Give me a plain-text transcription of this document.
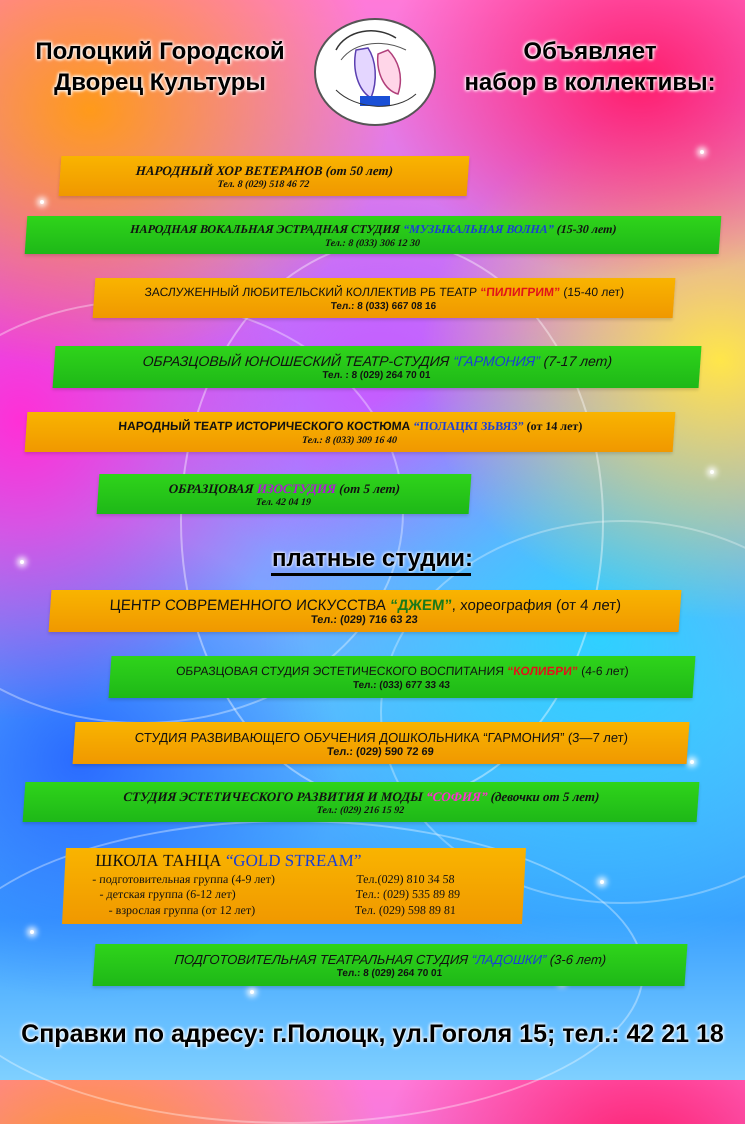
Полоцкий Городской
Дворец Культуры
Объявляет
набор в коллективы:
НАРОДНЫЙ ХОР ВЕТЕРАНОВ (от 50 лет)
Тел. 8 (029) 518 46 72
НАРОДНАЯ ВОКАЛЬНАЯ ЭСТРАДНАЯ СТУДИЯ “МУЗЫКАЛЬНАЯ ВОЛНА” (15-30 лет)
Тел.: 8 (033) 306 12 30
ЗАСЛУЖЕННЫЙ ЛЮБИТЕЛЬСКИЙ КОЛЛЕКТИВ РБ ТЕАТР “ПИЛИГРИМ” (15-40 лет)
Тел.: 8 (033) 667 08 16
ОБРАЗЦОВЫЙ ЮНОШЕСКИЙ ТЕАТР-СТУДИЯ “ГАРМОНИЯ” (7-17 лет)
Тел. : 8 (029) 264 70 01
НАРОДНЫЙ ТЕАТР ИСТОРИЧЕСКОГО КОСТЮМА “ПОЛАЦКІ ЗЬВЯЗ” (от 14 лет)
Тел.: 8 (033) 309 16 40
ОБРАЗЦОВАЯ ИЗОСТУДИЯ (от 5 лет)
Тел. 42 04 19
платные студии:
ЦЕНТР СОВРЕМЕННОГО ИСКУССТВА “ДЖЕМ”, хореография (от 4 лет)
Тел.: (029) 716 63 23
ОБРАЗЦОВАЯ СТУДИЯ ЭСТЕТИЧЕСКОГО ВОСПИТАНИЯ “КОЛИБРИ” (4-6 лет)
Тел.: (033) 677 33 43
СТУДИЯ РАЗВИВАЮЩЕГО ОБУЧЕНИЯ ДОШКОЛЬНИКА “ГАРМОНИЯ” (3—7 лет)
Тел.: (029) 590 72 69
СТУДИЯ ЭСТЕТИЧЕСКОГО РАЗВИТИЯ И МОДЫ “СОФИЯ” (девочки от 5 лет)
Тел.: (029) 216 15 92
ШКОЛА ТАНЦА “GOLD STREAM”
- подготовительная группа (4-9 лет)	Тел.(029) 810 34 58
- детская группа (6-12 лет)	Тел.: (029) 535 89 89
- взрослая группа (от 12 лет)	Тел. (029) 598 89 81
ПОДГОТОВИТЕЛЬНАЯ ТЕАТРАЛЬНАЯ СТУДИЯ “ЛАДОШКИ” (3-6 лет)
Тел.: 8 (029) 264 70 01
Справки по адресу: г.Полоцк, ул.Гоголя 15; тел.: 42 21 18
